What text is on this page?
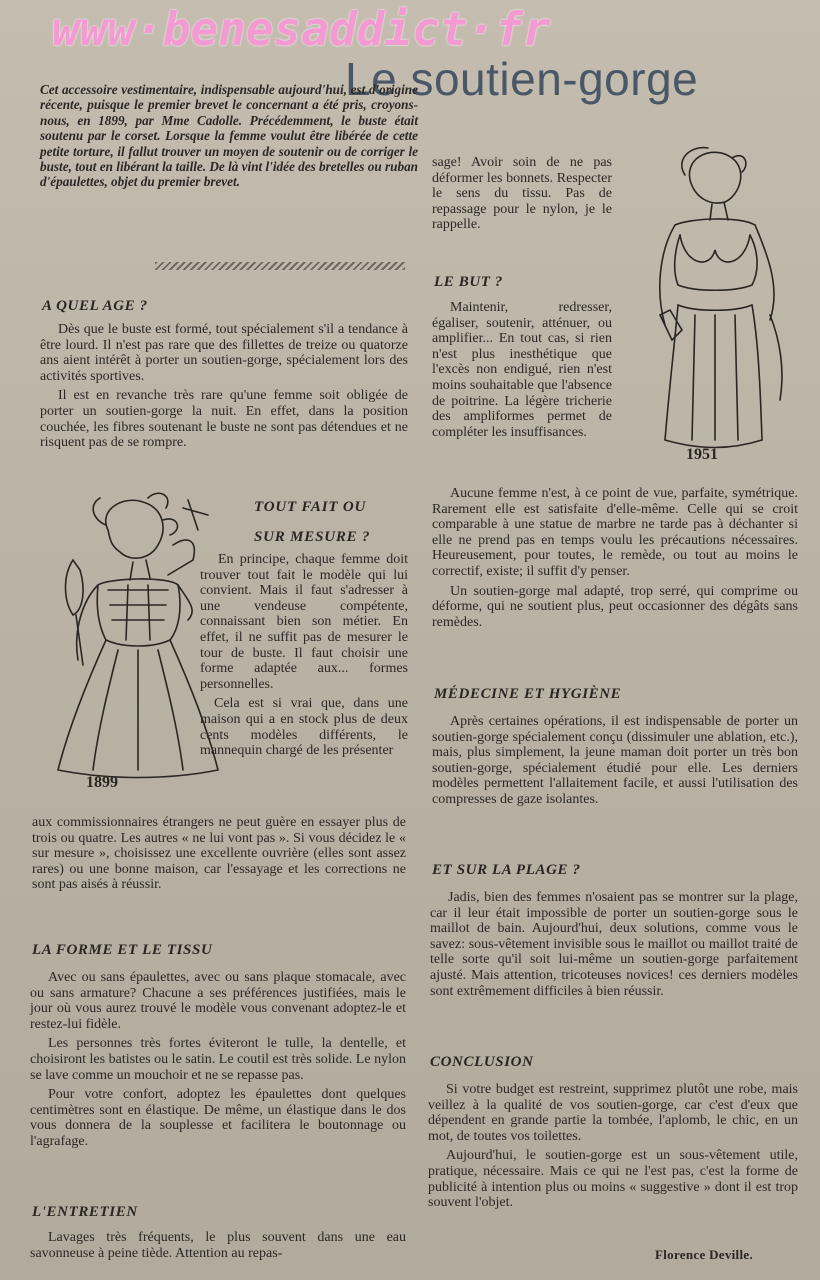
www·benesaddict·fr
Le soutien-gorge
Cet accessoire vestimentaire, indispensable aujourd'hui, est d'origine récente, puisque le premier brevet le concernant a été pris, croyons-nous, en 1899, par Mme Cadolle. Précédemment, le buste était soutenu par le corset. Lorsque la femme voulut être libérée de cette petite torture, il fallut trouver un moyen de soutenir ou de corriger le buste, tout en libérant la taille. De là vint l'idée des bretelles ou ruban d'épaulettes, objet du premier brevet.
A QUEL AGE ?

Dès que le buste est formé, tout spécialement s'il a tendance à être lourd. Il n'est pas rare que des fillettes de treize ou quatorze ans aient intérêt à porter un soutien-gorge, spécialement lors des activités sportives.

Il est en revanche très rare qu'une femme soit obligée de porter un soutien-gorge la nuit. En effet, dans la position couchée, les fibres soutenant le buste ne sont pas détendues et ne risquent pas de se rompre.

1899
TOUT FAIT OU
SUR MESURE ?

En principe, chaque femme doit trouver tout fait le modèle qui lui convient. Mais il faut s'adresser à une vendeuse compétente, connaissant bien son métier. En effet, il ne suffit pas de mesurer le tour de buste. Il faut choisir une forme adaptée aux... formes personnelles.

Cela est si vrai que, dans une maison qui a en stock plus de deux cents modèles différents, le mannequin chargé de les présenter

aux commissionnaires étrangers ne peut guère en essayer plus de trois ou quatre. Les autres « ne lui vont pas ». Si vous décidez le « sur mesure », choisissez une excellente ouvrière (elles sont assez rares) ou une bonne maison, car l'essayage et les corrections ne sont pas aisés à réussir.

LA FORME ET LE TISSU

Avec ou sans épaulettes, avec ou sans plaque stomacale, avec ou sans armature? Chacune a ses préférences justifiées, mais le jour où vous aurez trouvé le modèle vous convenant adoptez-le et restez-lui fidèle.

Les personnes très fortes éviteront le tulle, la dentelle, et choisiront les batistes ou le satin. Le coutil est très solide. Le nylon se lave comme un mouchoir et ne se repasse pas.

Pour votre confort, adoptez les épaulettes dont quelques centimètres sont en élastique. De même, un élastique dans le dos vous donnera de la souplesse et facilitera le boutonnage ou l'agrafage.

L'ENTRETIEN

Lavages très fréquents, le plus souvent dans une eau savonneuse à peine tiède. Attention au repas-

sage! Avoir soin de ne pas déformer les bonnets. Respecter le sens du tissu. Pas de repassage pour le nylon, je le rappelle.

1951
LE BUT ?

Maintenir, redresser, égaliser, soutenir, atténuer, ou amplifier... En tout cas, si rien n'est plus inesthétique que l'excès non endigué, rien n'est moins souhaitable que l'absence de poitrine. La légère tricherie des ampliformes permet de compléter les insuffisances.

Aucune femme n'est, à ce point de vue, parfaite, symétrique. Rarement elle est satisfaite d'elle-même. Celle qui se croit comparable à une statue de marbre ne tarde pas à déchanter si elle ne prend pas en temps voulu les précautions nécessaires. Heureusement, pour toutes, le remède, ou tout au moins le correctif, existe; il suffit d'y penser.

Un soutien-gorge mal adapté, trop serré, qui comprime ou déforme, qui ne soutient plus, peut occasionner des dégâts sans remèdes.

MÉDECINE ET HYGIÈNE

Après certaines opérations, il est indispensable de porter un soutien-gorge spécialement conçu (dissimuler une ablation, etc.), mais, plus simplement, la jeune maman doit porter un très bon soutien-gorge, spécialement étudié pour elle. Les derniers modèles permettent l'allaitement facile, et aussi l'utilisation des compresses de gaze isolantes.

ET SUR LA PLAGE ?

Jadis, bien des femmes n'osaient pas se montrer sur la plage, car il leur était impossible de porter un soutien-gorge sous le maillot de bain. Aujourd'hui, deux solutions, comme vous le savez: sous-vêtement invisible sous le maillot ou maillot traité de telle sorte qu'il soit lui-même un soutien-gorge parfaitement ajusté. Mais attention, tricoteuses novices! ces derniers modèles sont extrêmement difficiles à bien réussir.

CONCLUSION

Si votre budget est restreint, supprimez plutôt une robe, mais veillez à la qualité de vos soutien-gorge, car c'est d'eux que dépendent en grande partie la tombée, l'aplomb, le chic, en un mot, de toutes vos toilettes.

Aujourd'hui, le soutien-gorge est un sous-vêtement utile, pratique, nécessaire. Mais ce qui ne l'est pas, c'est la forme de publicité à intention plus ou moins « suggestive » dont il est trop souvent l'objet.

Florence Deville.
